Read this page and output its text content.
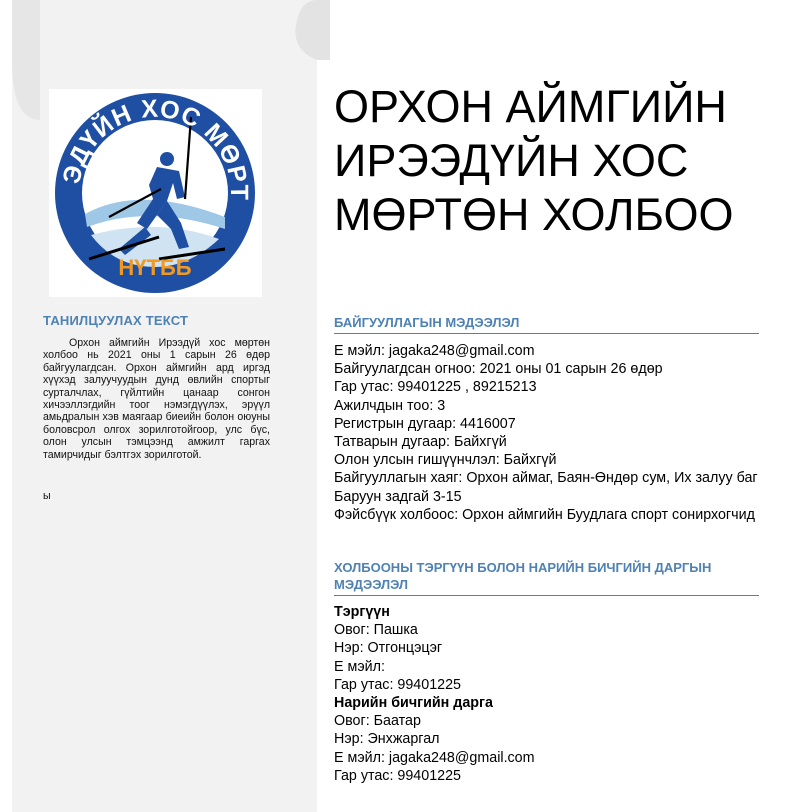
ЭДҮЙН ХОС МӨРТ
НҮТББ
ТАНИЛЦУУЛАХ ТЕКСТ
Орхон аймгийн Ирээдүй хос мөртөн холбоо нь 2021 оны 1 сарын 26 өдөр байгуулагдсан. Орхон аймгийн ард иргэд хүүхэд залуучуудын дунд өвлийн спортыг сурталчлах, гүйлтийн цанаар сонгон хичээллэгдийн тоог нэмэгдүүлэх, эрүүл амьдралын хэв маягаар биеийн болон оюуны боловсрол олгох зорилготойгоор, улс бүс, олон улсын тэмцээнд амжилт гаргах тамирчидыг бэлтгэх зорилготой.
ы
ОРХОН АЙМГИЙН ИРЭЭДҮЙН ХОС МӨРТӨН ХОЛБОО
БАЙГУУЛЛАГЫН МЭДЭЭЛЭЛ
Е мэйл: jagaka248@gmail.com
Байгуулагдсан огноо: 2021 оны 01 сарын 26 өдөр
Гар утас: 99401225 , 89215213
Ажилчдын тоо: 3
Регистрын дугаар: 4416007
Татварын дугаар: Байхгүй
Олон улсын гишүүнчлэл: Байхгүй
Байгууллагын хаяг: Орхон аймаг, Баян-Өндөр сум, Их залуу баг Баруун задгай 3-15
Фэйсбүүк холбоос: Орхон аймгийн Буудлага спорт сонирхогчид
ХОЛБООНЫ ТЭРГҮҮН БОЛОН НАРИЙН БИЧГИЙН ДАРГЫН МЭДЭЭЛЭЛ
Тэргүүн
Овог: Пашка
Нэр: Отгонцэцэг
Е мэйл:
Гар утас: 99401225
Нарийн бичгийн дарга
Овог: Баатар
Нэр: Энхжаргал
Е мэйл: jagaka248@gmail.com
Гар утас: 99401225
